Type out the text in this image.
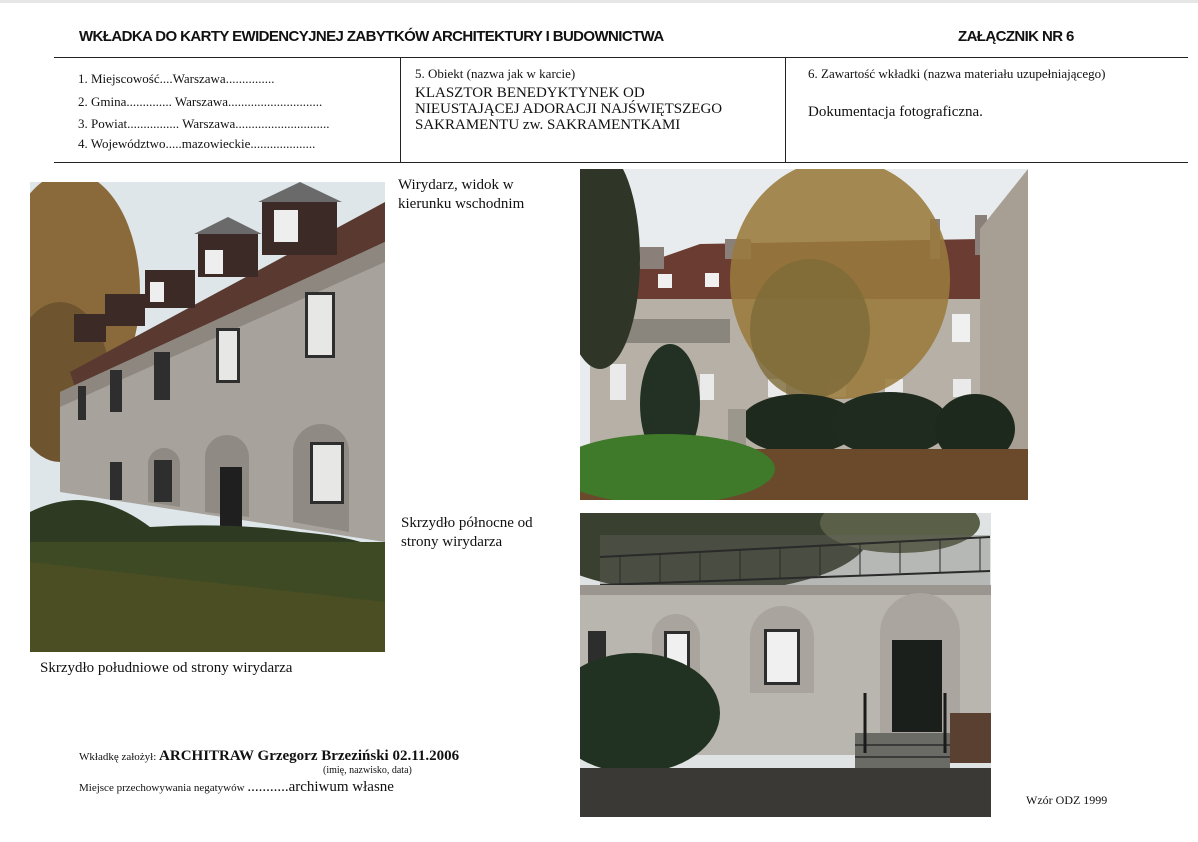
WKŁADKA DO KARTY EWIDENCYJNEJ ZABYTKÓW ARCHITEKTURY I BUDOWNICTWA	ZAŁĄCZNIK NR 6
1. Miejscowość....Warszawa...............
2. Gmina.............. Warszawa.............................
3. Powiat................ Warszawa.............................
4. Województwo.....mazowieckie....................
5. Obiekt (nazwa jak w karcie)
KLASZTOR BENEDYKTYNEK OD
NIEUSTAJĄCEJ ADORACJI NAJŚWIĘTSZEGO
SAKRAMENTU zw. SAKRAMENTKAMI
6. Zawartość wkładki (nazwa materiału uzupełniającego)
Dokumentacja fotograficzna.
Skrzydło południowe od strony wirydarza
Wirydarz, widok w
kierunku wschodnim
Skrzydło północne od
strony wirydarza
Wkładkę założył: ARCHITRAW Grzegorz Brzeziński 02.11.2006
(imię, nazwisko, data)
Miejsce przechowywania negatywów ...........archiwum własne
Wzór ODZ 1999
